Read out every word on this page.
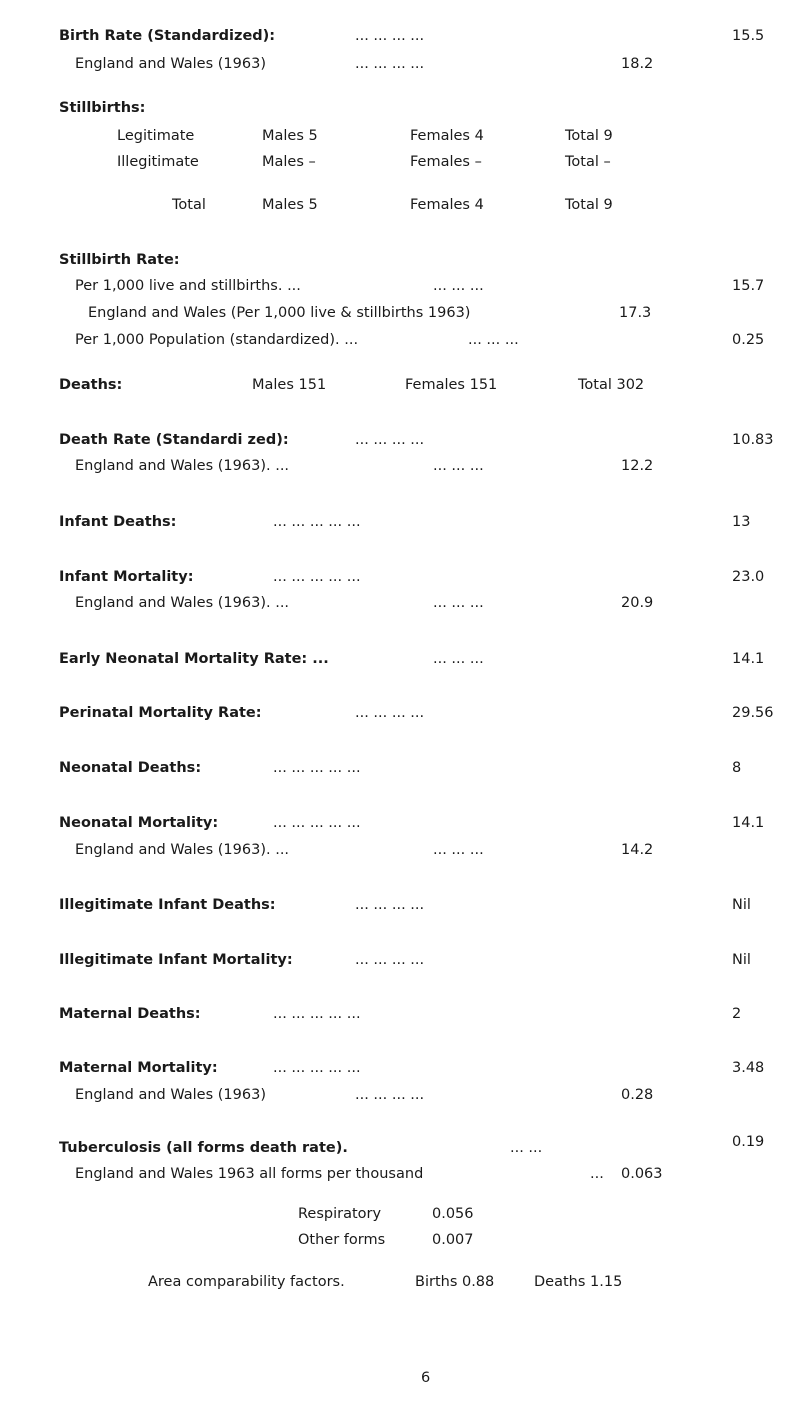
Birth Rate (Standardized):	... ... ... ...	15.5
England and Wales (1963)	... ... ... ...	18.2
Stillbirths:
Legitimate	Males 5	Females 4	Total 9
Illegitimate	Males –	Females –	Total –
Total	Males 5	Females 4	Total 9
Stillbirth Rate:
Per 1,000 live and stillbirths. ...	... ... ...	15.7
England and Wales (Per 1,000 live & stillbirths 1963)	17.3
Per 1,000 Population (standardized). ...	... ... ...	0.25
Deaths:	Males 151	Females 151	Total 302
Death Rate (Standardi zed):	... ... ... ...	10.83
England and Wales (1963). ...	... ... ...	12.2
Infant Deaths:	... ... ... ... ...	13
Infant Mortality:	... ... ... ... ...	23.0
England and Wales (1963). ...	... ... ...	20.9
Early Neonatal Mortality Rate: ...	... ... ...	14.1
Perinatal Mortality Rate:	... ... ... ...	29.56
Neonatal Deaths:	... ... ... ... ...	8
Neonatal Mortality:	... ... ... ... ...	14.1
England and Wales (1963). ...	... ... ...	14.2
Illegitimate Infant Deaths:	... ... ... ...	Nil
Illegitimate Infant Mortality:	... ... ... ...	Nil
Maternal Deaths:	... ... ... ... ...	2
Maternal Mortality:	... ... ... ... ...	3.48
England and Wales (1963)	... ... ... ...	0.28
Tuberculosis (all forms death rate).	... ...	0.19
England and Wales 1963 all forms per thousand	... 0.063
Respiratory	0.056
Other forms	0.007
Area comparability factors.	Births 0.88	Deaths 1.15
6
